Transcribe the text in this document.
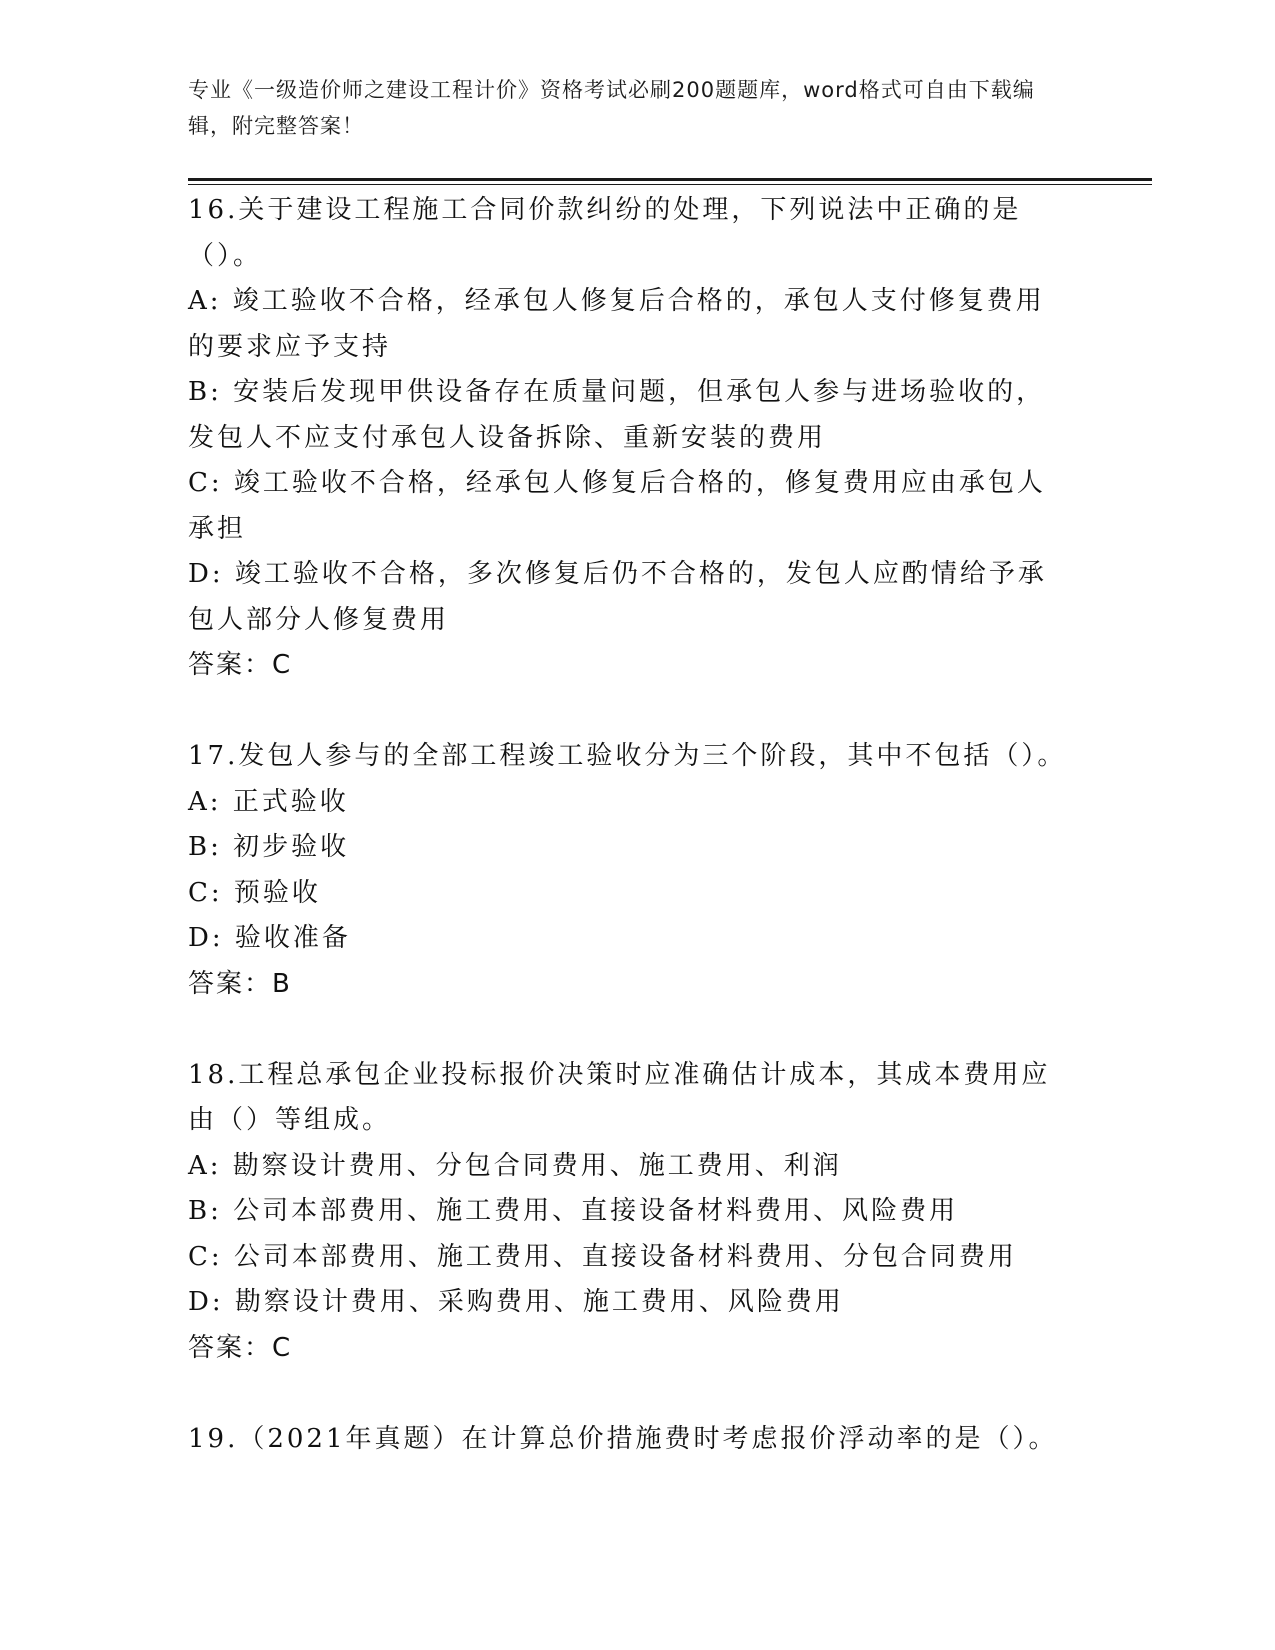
专业《一级造价师之建设工程计价》资格考试必刷200题题库，word格式可自由下载编辑，附完整答案！

16.关于建设工程施工合同价款纠纷的处理，下列说法中正确的是（）。

A: 竣工验收不合格，经承包人修复后合格的，承包人支付修复费用的要求应予支持

B: 安装后发现甲供设备存在质量问题，但承包人参与进场验收的，发包人不应支付承包人设备拆除、重新安装的费用

C: 竣工验收不合格，经承包人修复后合格的，修复费用应由承包人承担

D: 竣工验收不合格，多次修复后仍不合格的，发包人应酌情给予承包人部分人修复费用

答案：C

17.发包人参与的全部工程竣工验收分为三个阶段，其中不包括（）。

A: 正式验收

B: 初步验收

C: 预验收

D: 验收准备

答案：B

18.工程总承包企业投标报价决策时应准确估计成本，其成本费用应由（）等组成。

A: 勘察设计费用、分包合同费用、施工费用、利润

B: 公司本部费用、施工费用、直接设备材料费用、风险费用

C: 公司本部费用、施工费用、直接设备材料费用、分包合同费用

D: 勘察设计费用、采购费用、施工费用、风险费用

答案：C

19.（2021年真题）在计算总价措施费时考虑报价浮动率的是（）。
